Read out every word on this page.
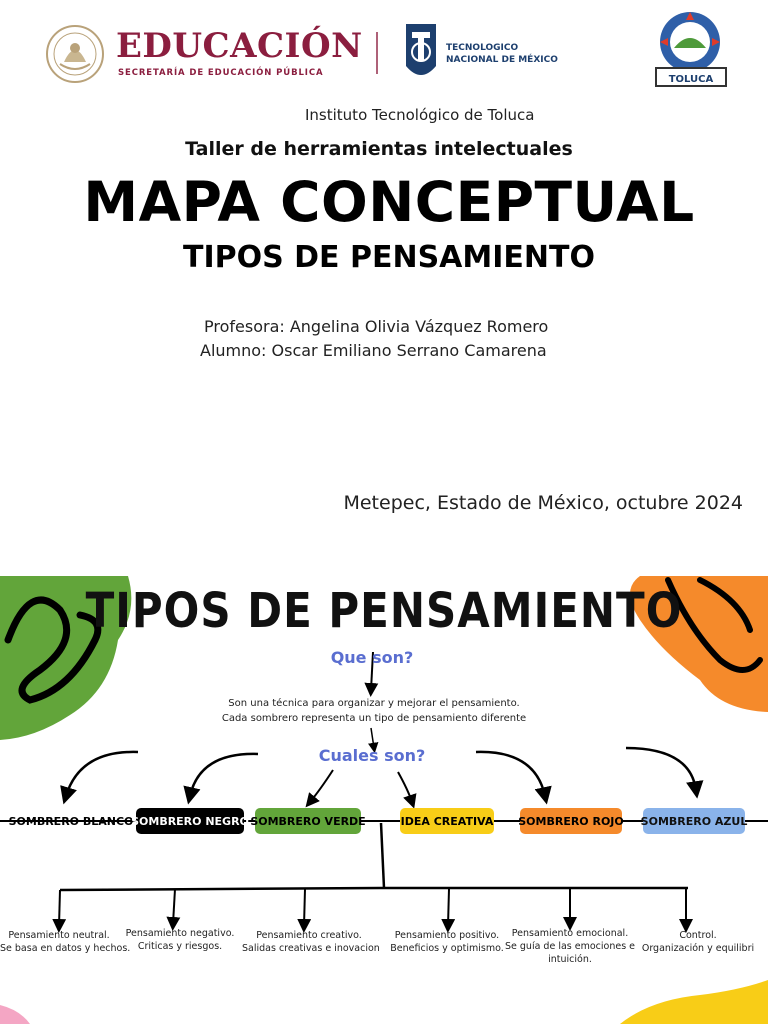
EDUCACIÓN
SECRETARÍA DE EDUCACIÓN PÚBLICA
TECNOLOGICO
NACIONAL DE MÉXICO
TOLUCA
Instituto Tecnológico de Toluca
Taller de herramientas intelectuales
MAPA CONCEPTUAL
TIPOS DE PENSAMIENTO
Profesora: Angelina Olivia Vázquez Romero
Alumno: Oscar Emiliano Serrano Camarena
Metepec, Estado de México, octubre 2024
TIPOS DE PENSAMIENTO
Que son?
Son una técnica para organizar y mejorar el pensamiento.
Cada sombrero representa un tipo de pensamiento diferente
Cuales son?
SOMBRERO BLANCO
SOMBRERO NEGRO SOMBRERO VERDE	IDEA CREATIVA SOMBRERO ROJO SOMBRERO AZUL
Pensamiento neutral.
Se basa en datos y hechos.
Pensamiento negativo.
Criticas y riesgos.
Pensamiento creativo.
Salidas creativas e inovacion
Pensamiento positivo.
Beneficios y optimismo.
Pensamiento emocional.
Se guía de las emociones e
intuición.
Control.
Organización y equilibri
